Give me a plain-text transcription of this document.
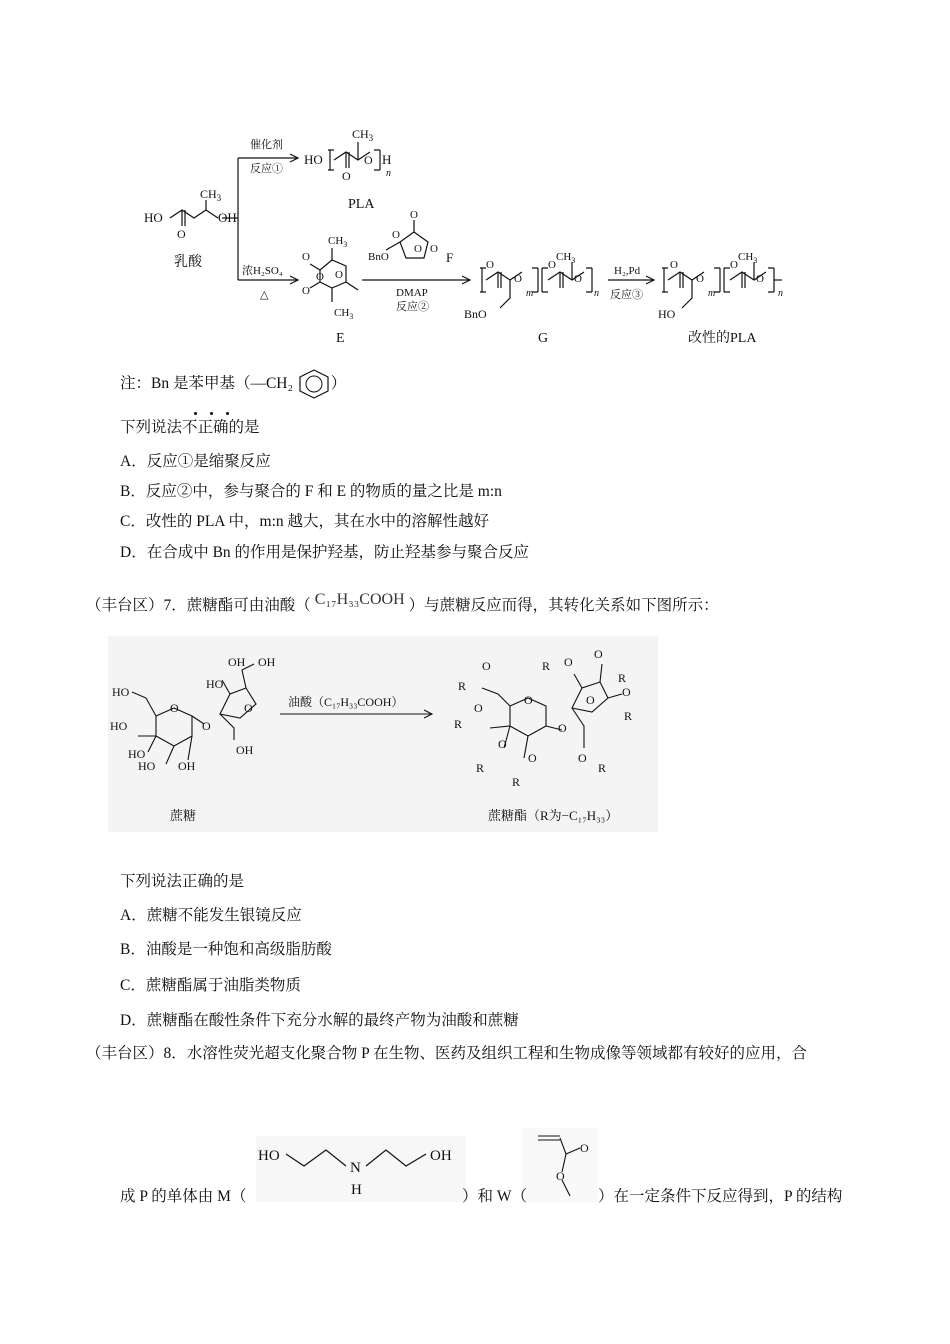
HO	OH
$CH_3$
O
乳酸
催化剂
反应①
HO	H
n
$CH_3$
O
O
PLA
浓H₂SO₄
△
$CH_3$
$CH_3$
O
O
O
O
E
O
O
O
O
BnO	F
DMAP
反应②
O
O
m
O
O
$CH_3$
n
BnO
G
H₂,Pd
反应③
O
O
m
O
O
$CH_3$
n
HO
改性的PLA
注：Bn 是苯甲基（—CH₂ ）
下列说法不正确的是
A．反应①是缩聚反应
B．反应②中，参与聚合的 F 和 E 的物质的量之比是 m:n
C．改性的 PLA 中，m:n 越大，其在水中的溶解性越好
D．在合成中 Bn 的作用是保护羟基，防止羟基参与聚合反应
（丰台区）7．蔗糖酯可由油酸（ C₁₇H₃₃COOH ）与蔗糖反应而得，其转化关系如下图所示：
HO
HO
HO
HO OH
O
O
HO
OH OH
OH
O
蔗糖
油酸（C₁₇H₃₃COOH）
R
O
R
O
R
O
R
O
R O
O
R
R
O
R
O
O
O	O
蔗糖酯（R为−C₁₇H₃₃）
下列说法正确的是
A．蔗糖不能发生银镜反应
B．油酸是一种饱和高级脂肪酸
C．蔗糖酯属于油脂类物质
D．蔗糖酯在酸性条件下充分水解的最终产物为油酸和蔗糖
（丰台区）8．水溶性荧光超支化聚合物 P 在生物、医药及组织工程和生物成像等领域都有较好的应用，合
HO
N
H
OH	O
O
成 P 的单体由 M（	）和 W（	）在一定条件下反应得到，P 的结构
